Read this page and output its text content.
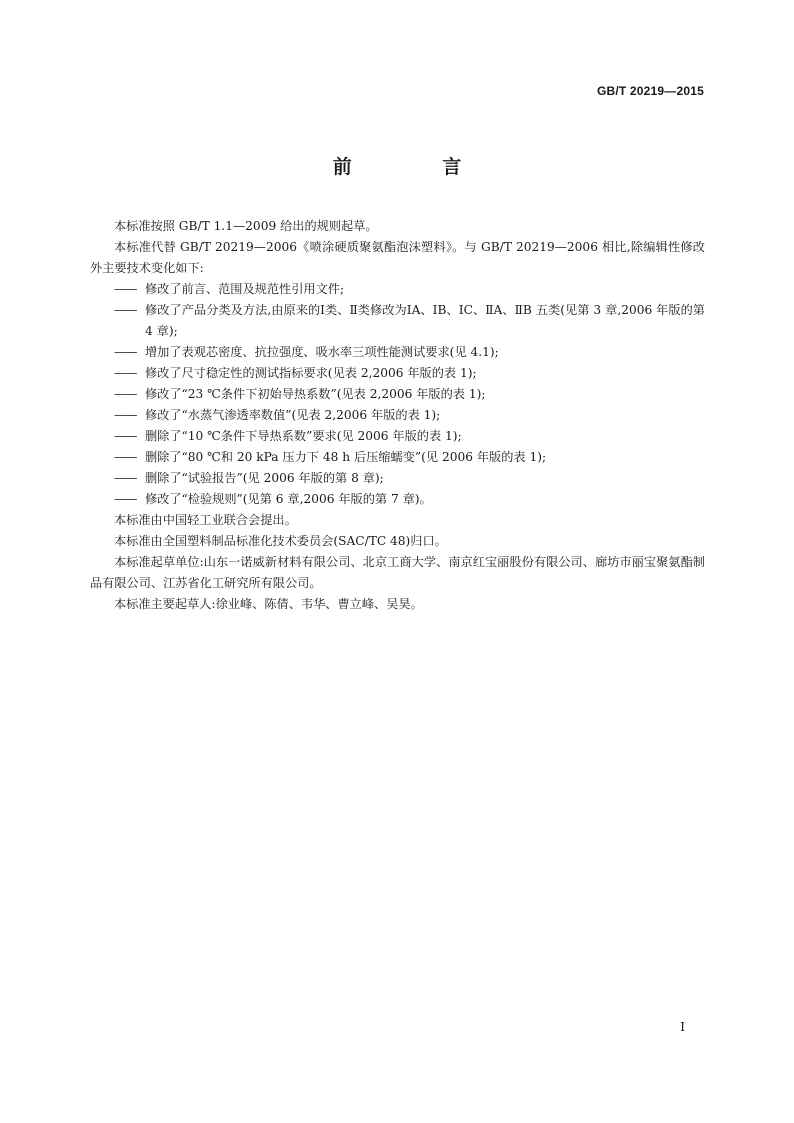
GB/T 20219—2015
前 言

本标准按照 GB/T 1.1—2009 给出的规则起草。

本标准代替 GB/T 20219—2006《喷涂硬质聚氨酯泡沫塑料》。与 GB/T 20219—2006 相比,除编辑性修改外主要技术变化如下:

—— 修改了前言、范围及规范性引用文件;

—— 修改了产品分类及方法,由原来的Ⅰ类、Ⅱ类修改为ⅠA、ⅠB、ⅠC、ⅡA、ⅡB 五类(见第 3 章,2006 年版的第 4 章);

—— 增加了表观芯密度、抗拉强度、吸水率三项性能测试要求(见 4.1);

—— 修改了尺寸稳定性的测试指标要求(见表 2,2006 年版的表 1);

—— 修改了“23 ℃条件下初始导热系数”(见表 2,2006 年版的表 1);

—— 修改了“水蒸气渗透率数值”(见表 2,2006 年版的表 1);

—— 删除了“10 ℃条件下导热系数”要求(见 2006 年版的表 1);

—— 删除了“80 ℃和 20 kPa 压力下 48 h 后压缩蠕变”(见 2006 年版的表 1);

—— 删除了“试验报告”(见 2006 年版的第 8 章);

—— 修改了“检验规则”(见第 6 章,2006 年版的第 7 章)。

本标准由中国轻工业联合会提出。

本标准由全国塑料制品标准化技术委员会(SAC/TC 48)归口。

本标准起草单位:山东一诺威新材料有限公司、北京工商大学、南京红宝丽股份有限公司、廊坊市丽宝聚氨酯制品有限公司、江苏省化工研究所有限公司。

本标准主要起草人:徐业峰、陈倩、韦华、曹立峰、吴昊。

Ⅰ
